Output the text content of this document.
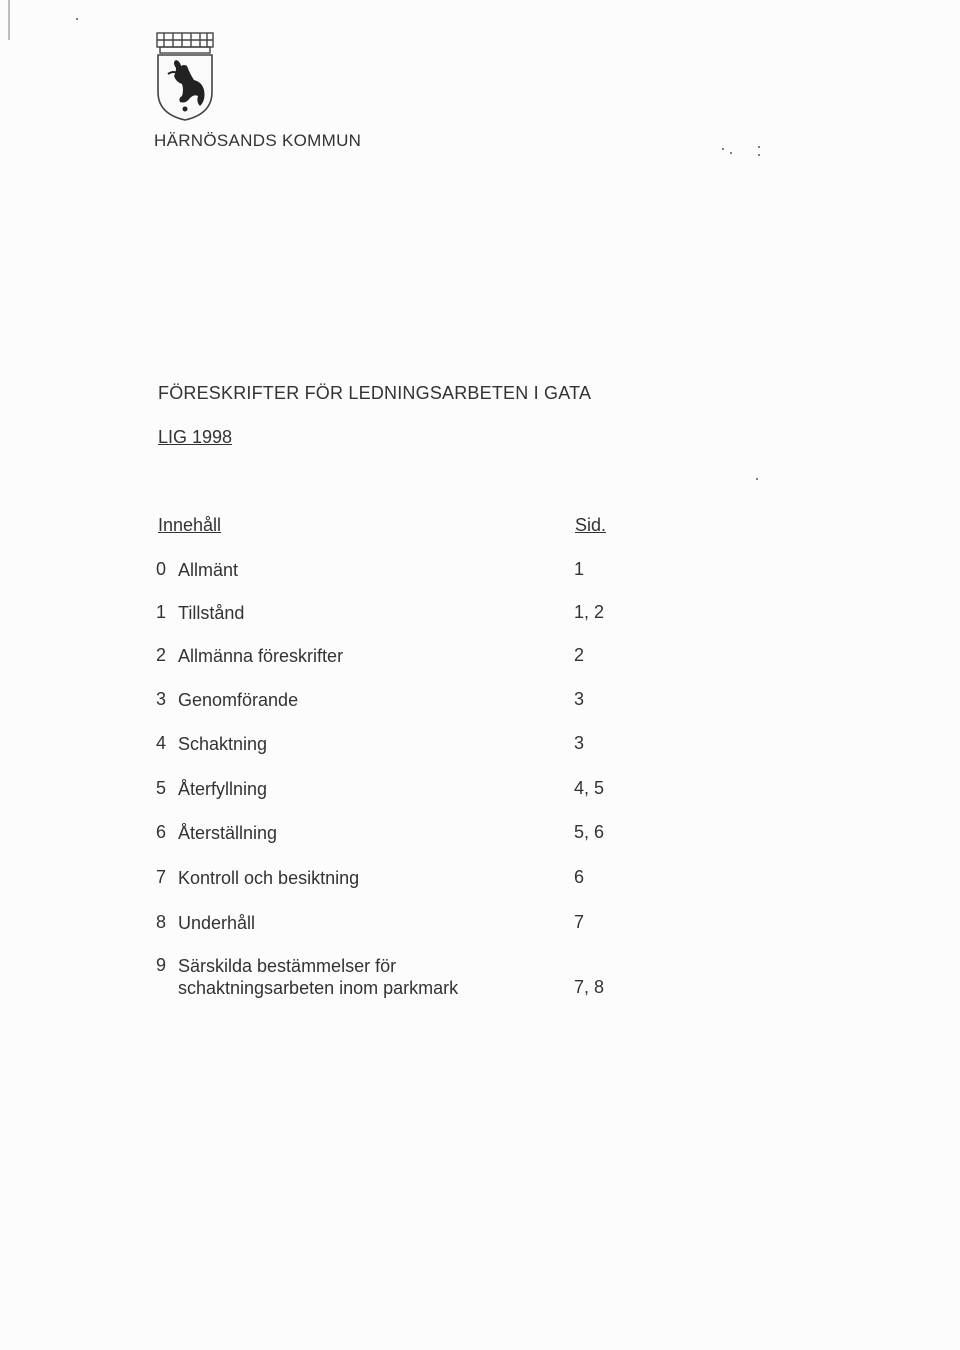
HÄRNÖSANDS KOMMUN
FÖRESKRIFTER FÖR LEDNINGSARBETEN I GATA
LIG 1998
Innehåll	Sid.
0 Allmänt	1
1 Tillstånd	1, 2
2 Allmänna föreskrifter	2
3 Genomförande	3
4 Schaktning	3
5 Återfyllning	4, 5
6 Återställning	5, 6
7 Kontroll och besiktning	6
8 Underhåll	7
9 Särskilda bestämmelser för schaktningsarbeten inom parkmark	7, 8
